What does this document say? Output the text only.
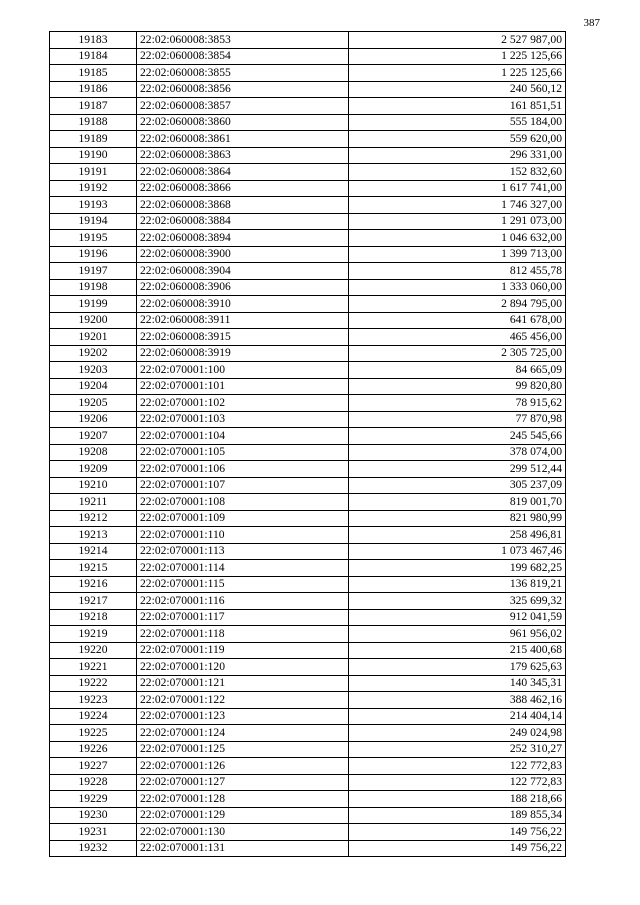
387
19183	22:02:060008:3853	2 527 987,00
19184	22:02:060008:3854	1 225 125,66
19185	22:02:060008:3855	1 225 125,66
19186	22:02:060008:3856	240 560,12
19187	22:02:060008:3857	161 851,51
19188	22:02:060008:3860	555 184,00
19189	22:02:060008:3861	559 620,00
19190	22:02:060008:3863	296 331,00
19191	22:02:060008:3864	152 832,60
19192	22:02:060008:3866	1 617 741,00
19193	22:02:060008:3868	1 746 327,00
19194	22:02:060008:3884	1 291 073,00
19195	22:02:060008:3894	1 046 632,00
19196	22:02:060008:3900	1 399 713,00
19197	22:02:060008:3904	812 455,78
19198	22:02:060008:3906	1 333 060,00
19199	22:02:060008:3910	2 894 795,00
19200	22:02:060008:3911	641 678,00
19201	22:02:060008:3915	465 456,00
19202	22:02:060008:3919	2 305 725,00
19203	22:02:070001:100	84 665,09
19204	22:02:070001:101	99 820,80
19205	22:02:070001:102	78 915,62
19206	22:02:070001:103	77 870,98
19207	22:02:070001:104	245 545,66
19208	22:02:070001:105	378 074,00
19209	22:02:070001:106	299 512,44
19210	22:02:070001:107	305 237,09
19211	22:02:070001:108	819 001,70
19212	22:02:070001:109	821 980,99
19213	22:02:070001:110	258 496,81
19214	22:02:070001:113	1 073 467,46
19215	22:02:070001:114	199 682,25
19216	22:02:070001:115	136 819,21
19217	22:02:070001:116	325 699,32
19218	22:02:070001:117	912 041,59
19219	22:02:070001:118	961 956,02
19220	22:02:070001:119	215 400,68
19221	22:02:070001:120	179 625,63
19222	22:02:070001:121	140 345,31
19223	22:02:070001:122	388 462,16
19224	22:02:070001:123	214 404,14
19225	22:02:070001:124	249 024,98
19226	22:02:070001:125	252 310,27
19227	22:02:070001:126	122 772,83
19228	22:02:070001:127	122 772,83
19229	22:02:070001:128	188 218,66
19230	22:02:070001:129	189 855,34
19231	22:02:070001:130	149 756,22
19232	22:02:070001:131	149 756,22
